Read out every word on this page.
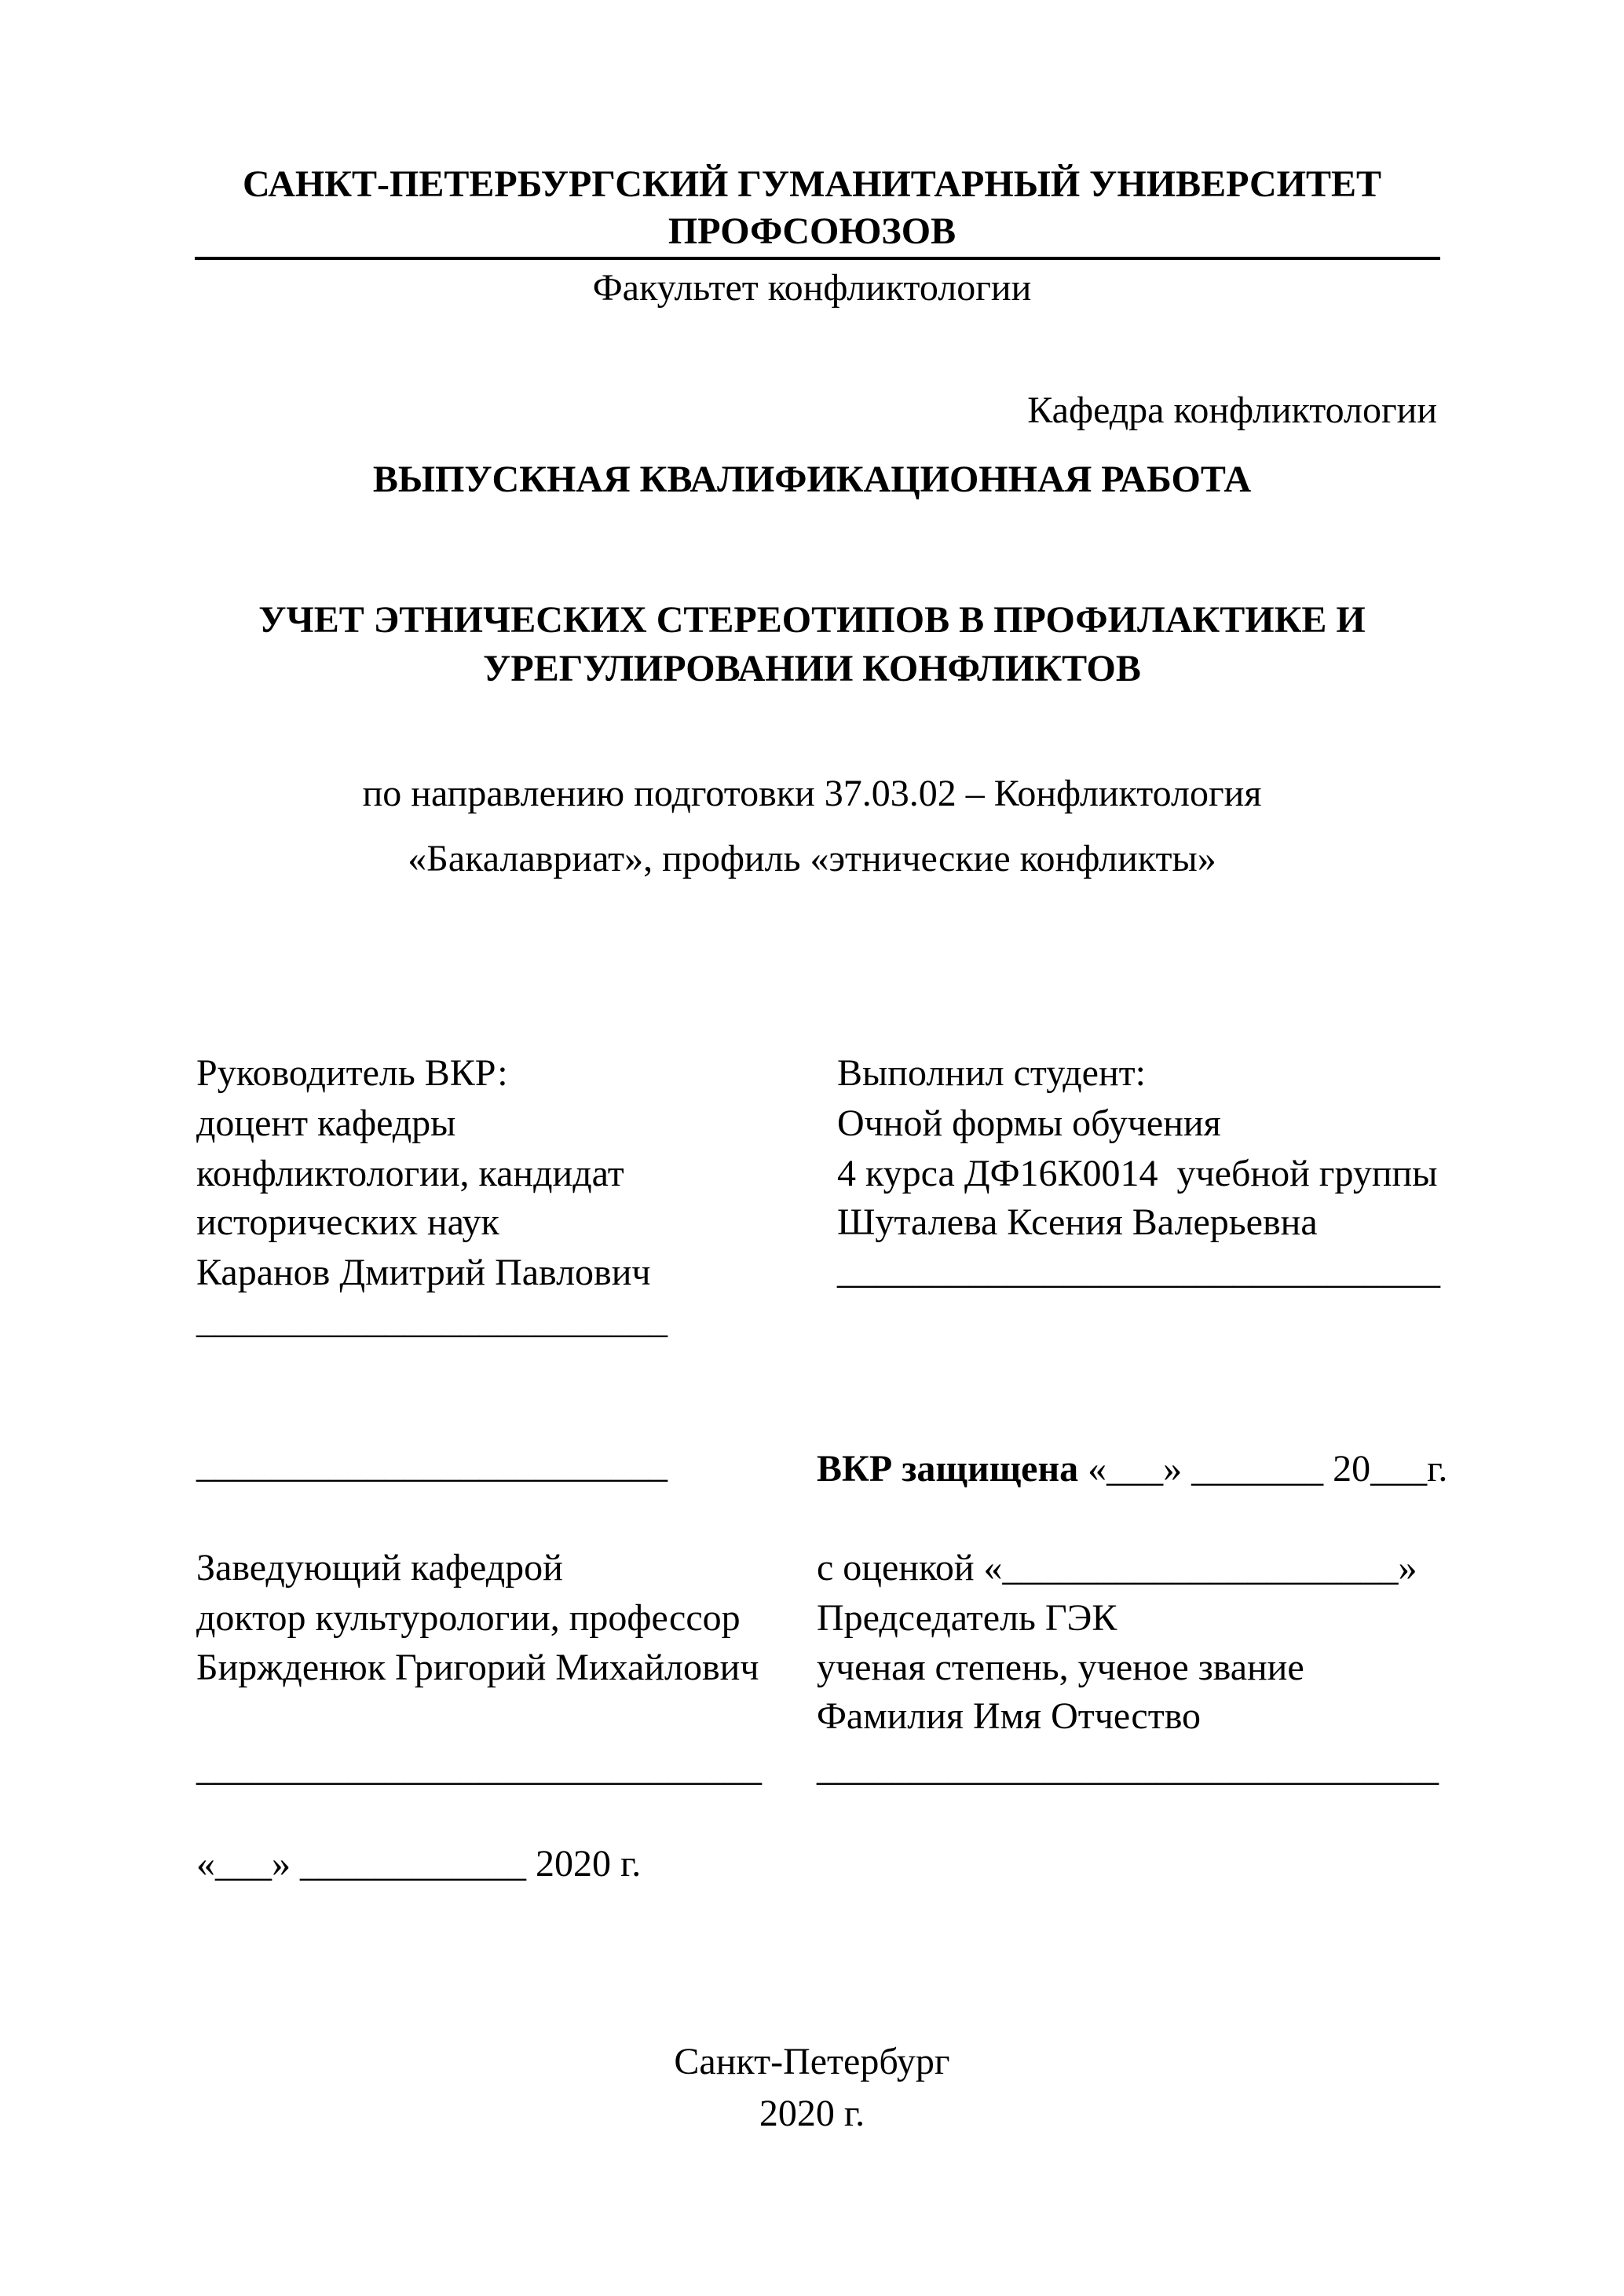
САНКТ-ПЕТЕРБУРГСКИЙ ГУМАНИТАРНЫЙ УНИВЕРСИТЕТ
ПРОФСОЮЗОВ
Факультет конфликтологии
Кафедра конфликтологии
ВЫПУСКНАЯ КВАЛИФИКАЦИОННАЯ РАБОТА
УЧЕТ ЭТНИЧЕСКИХ СТЕРЕОТИПОВ В ПРОФИЛАКТИКЕ И
УРЕГУЛИРОВАНИИ КОНФЛИКТОВ
по направлению подготовки 37.03.02 – Конфликтология
«Бакалавриат», профиль «этнические конфликты»
Руководитель ВКР:
доцент кафедры
конфликтологии, кандидат
исторических наук
Каранов Дмитрий Павлович
_________________________
Выполнил студент:
Очной формы обучения
4 курса ДФ16К0014  учебной группы
Шуталева Ксения Валерьевна
________________________________
_________________________	ВКР защищена «___» _______ 20___г.
Заведующий кафедрой
доктор культурологии, профессор
Биржденюк Григорий Михайлович
______________________________
с оценкой «_____________________»
Председатель ГЭК
ученая степень, ученое звание
Фамилия Имя Отчество
_________________________________
«___» ____________ 2020 г.
Санкт-Петербург
2020 г.
